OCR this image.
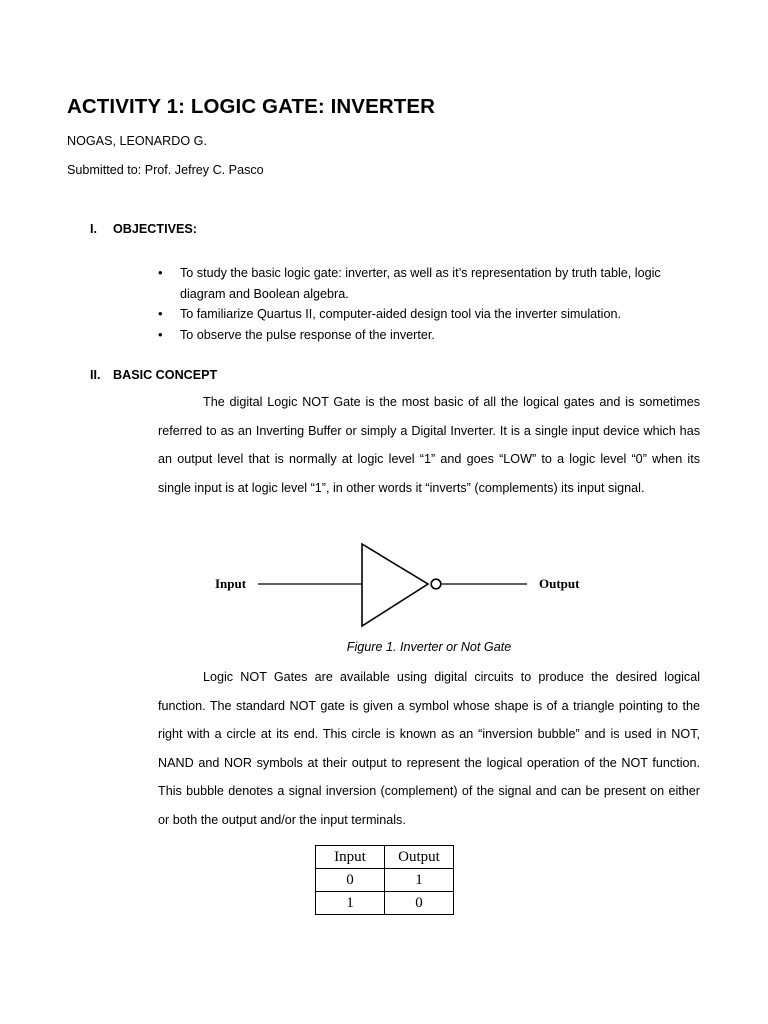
ACTIVITY 1: LOGIC GATE: INVERTER
NOGAS, LEONARDO G.
Submitted to: Prof. Jefrey C. Pasco
I. OBJECTIVES:
• To study the basic logic gate: inverter, as well as it’s representation by truth table, logic diagram and Boolean algebra.
• To familiarize Quartus II, computer-aided design tool via the inverter simulation.
• To observe the pulse response of the inverter.
II. BASIC CONCEPT

The digital Logic NOT Gate is the most basic of all the logical gates and is sometimes referred to as an Inverting Buffer or simply a Digital Inverter. It is a single input device which has an output level that is normally at logic level “1” and goes “LOW” to a logic level “0” when its single input is at logic level “1”, in other words it “inverts” (complements) its input signal.

Input	Output
Figure 1. Inverter or Not Gate

Logic NOT Gates are available using digital circuits to produce the desired logical function. The standard NOT gate is given a symbol whose shape is of a triangle pointing to the right with a circle at its end. This circle is known as an “inversion bubble” and is used in NOT, NAND and NOR symbols at their output to represent the logical operation of the NOT function. This bubble denotes a signal inversion (complement) of the signal and can be present on either or both the output and/or the input terminals.

Input	Output
0	1
1	0
